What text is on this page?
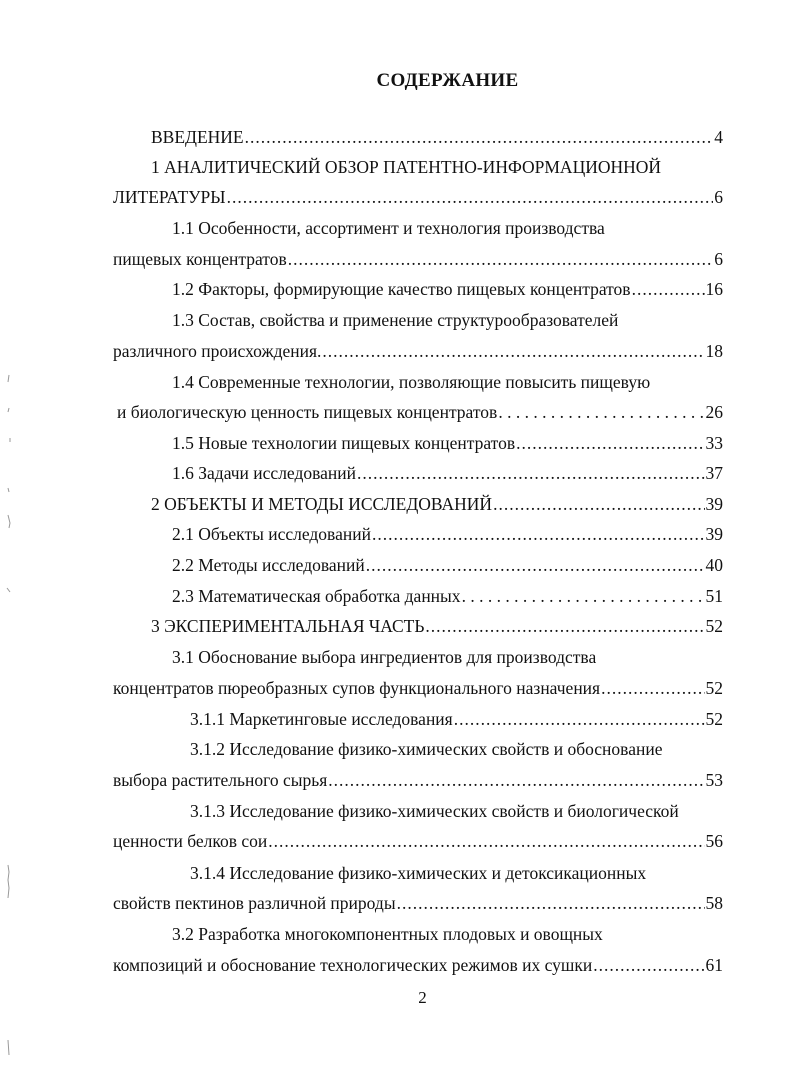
СОДЕРЖАНИЕ
ВВЕДЕНИЕ .....	4
1 АНАЛИТИЧЕСКИЙ ОБЗОР ПАТЕНТНО-ИНФОРМАЦИОННОЙ
ЛИТЕРАТУРЫ .....	6
1.1 Особенности, ассортимент и технология производства
пищевых концентратов .....	6
1.2 Факторы, формирующие качество пищевых концентратов .....	16
1.3 Состав, свойства и применение структурообразователей
различного происхождения. .....	18
1.4 Современные технологии, позволяющие повысить пищевую
и биологическую ценность пищевых концентратов . . .	26
1.5 Новые технологии пищевых концентратов .....	33
1.6 Задачи исследований .....	37
2 ОБЪЕКТЫ И МЕТОДЫ ИССЛЕДОВАНИЙ .....	39
2.1 Объекты исследований .....	39
2.2 Методы исследований .....	40
2.3 Математическая обработка данных . . .	51
3 ЭКСПЕРИМЕНТАЛЬНАЯ ЧАСТЬ .....	52
3.1 Обоснование выбора ингредиентов для производства
концентратов пюреобразных супов функционального назначения .....	52
3.1.1 Маркетинговые исследования .....	52
3.1.2 Исследование физико-химических свойств и обоснование
выбора растительного сырья .....	53
3.1.3 Исследование физико-химических свойств и биологической
ценности белков сои .....	56
3.1.4 Исследование физико-химических и детоксикационных
свойств пектинов различной природы .....	58
3.2 Разработка многокомпонентных плодовых и овощных
композиций и обоснование технологических режимов их сушки .....	61
2
